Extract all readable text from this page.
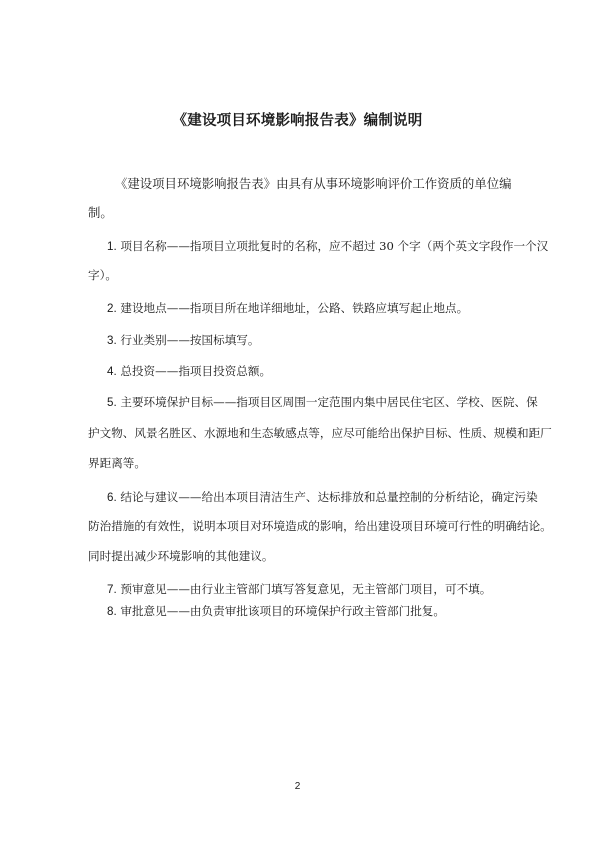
《建设项目环境影响报告表》编制说明
《建设项目环境影响报告表》由具有从事环境影响评价工作资质的单位编
制。
1. 项目名称——指项目立项批复时的名称，应不超过 30 个字（两个英文字段作一个汉
字）。
2. 建设地点——指项目所在地详细地址，公路、铁路应填写起止地点。
3. 行业类别——按国标填写。
4. 总投资——指项目投资总额。
5. 主要环境保护目标——指项目区周围一定范围内集中居民住宅区、学校、医院、保
护文物、风景名胜区、水源地和生态敏感点等，应尽可能给出保护目标、性质、规模和距厂
界距离等。
6. 结论与建议——给出本项目清洁生产、达标排放和总量控制的分析结论，确定污染
防治措施的有效性，说明本项目对环境造成的影响，给出建设项目环境可行性的明确结论。
同时提出减少环境影响的其他建议。
7. 预审意见——由行业主管部门填写答复意见，无主管部门项目，可不填。
8. 审批意见——由负责审批该项目的环境保护行政主管部门批复。
2
